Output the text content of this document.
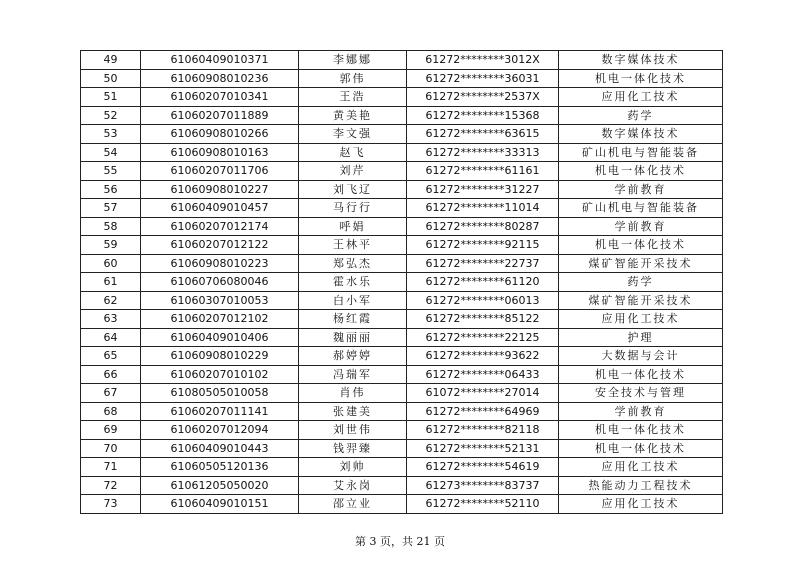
49	61060409010371	李娜娜	61272********3012X	数字媒体技术
50	61060908010236	郭伟	61272********36031	机电一体化技术
51	61060207010341	王浩	61272********2537X	应用化工技术
52	61060207011889	黄美艳	61272********15368	药学
53	61060908010266	李文强	61272********63615	数字媒体技术
54	61060908010163	赵飞	61272********33313	矿山机电与智能装备
55	61060207011706	刘芹	61272********61161	机电一体化技术
56	61060908010227	刘飞辽	61272********31227	学前教育
57	61060409010457	马行行	61272********11014	矿山机电与智能装备
58	61060207012174	呼娟	61272********80287	学前教育
59	61060207012122	王林平	61272********92115	机电一体化技术
60	61060908010223	郑弘杰	61272********22737	煤矿智能开采技术
61	61060706080046	霍水乐	61272********61120	药学
62	61060307010053	白小军	61272********06013	煤矿智能开采技术
63	61060207012102	杨红霞	61272********85122	应用化工技术
64	61060409010406	魏丽丽	61272********22125	护理
65	61060908010229	郝婷婷	61272********93622	大数据与会计
66	61060207010102	冯瑞军	61272********06433	机电一体化技术
67	61080505010058	肖伟	61072********27014	安全技术与管理
68	61060207011141	张建美	61272********64969	学前教育
69	61060207012094	刘世伟	61272********82118	机电一体化技术
70	61060409010443	钱羿臻	61272********52131	机电一体化技术
71	61060505120136	刘帅	61272********54619	应用化工技术
72	61061205050020	艾永岗	61273********83737	热能动力工程技术
73	61060409010151	邵立业	61272********52110	应用化工技术
第 3 页，共 21 页
